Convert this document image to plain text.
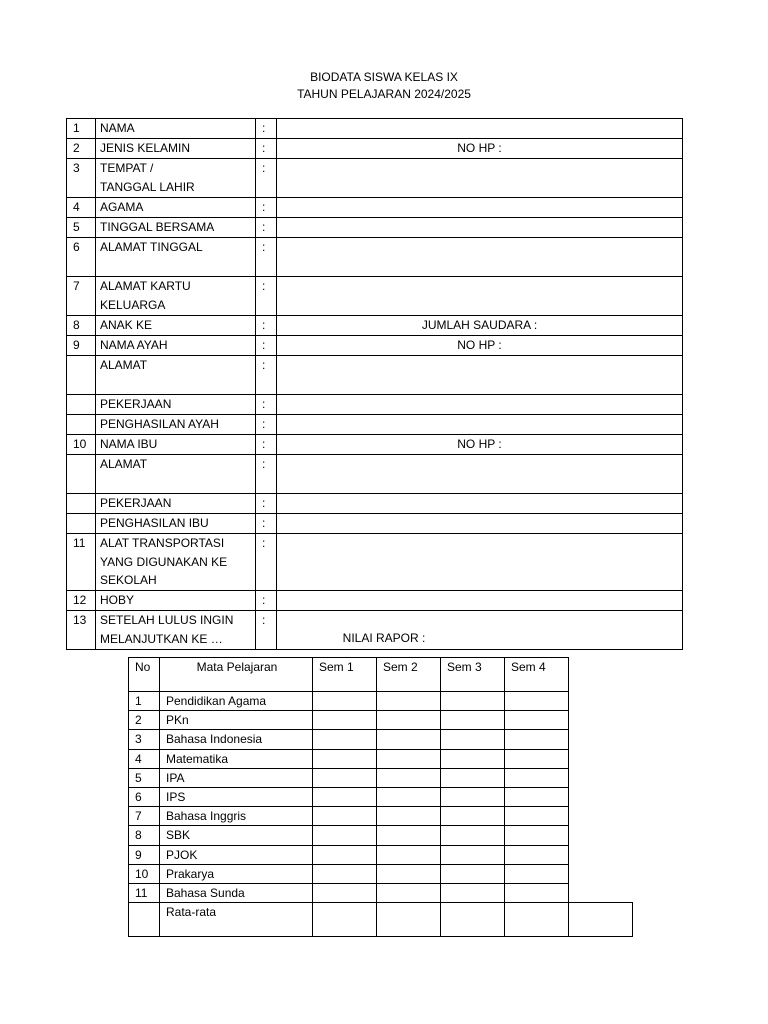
BIODATA SISWA KELAS IX
TAHUN PELAJARAN 2024/2025
1	NAMA	:	
2	JENIS KELAMIN	:	NO HP :
3	TEMPAT /
TANGGAL LAHIR	:	
4	AGAMA	:	
5	TINGGAL BERSAMA	:	
6	ALAMAT TINGGAL	:	
7	ALAMAT KARTU
KELUARGA	:	
8	ANAK KE	:	JUMLAH SAUDARA :
9	NAMA AYAH	:	NO HP :
	ALAMAT	:	
	PEKERJAAN	:	
	PENGHASILAN AYAH	:	
10	NAMA IBU	:	NO HP :
	ALAMAT	:	
	PEKERJAAN	:	
	PENGHASILAN IBU	:	
11	ALAT TRANSPORTASI
YANG DIGUNAKAN KE
SEKOLAH	:	
12	HOBY	:	
13	SETELAH LULUS INGIN
MELANJUTKAN KE …	:	
NILAI RAPOR :
No	Mata Pelajaran	Sem 1	Sem 2	Sem 3	Sem 4	
1	Pendidikan Agama					
2	PKn					
3	Bahasa Indonesia					
4	Matematika					
5	IPA					
6	IPS					
7	Bahasa Inggris					
8	SBK					
9	PJOK					
10	Prakarya					
11	Bahasa Sunda					
	Rata-rata					
